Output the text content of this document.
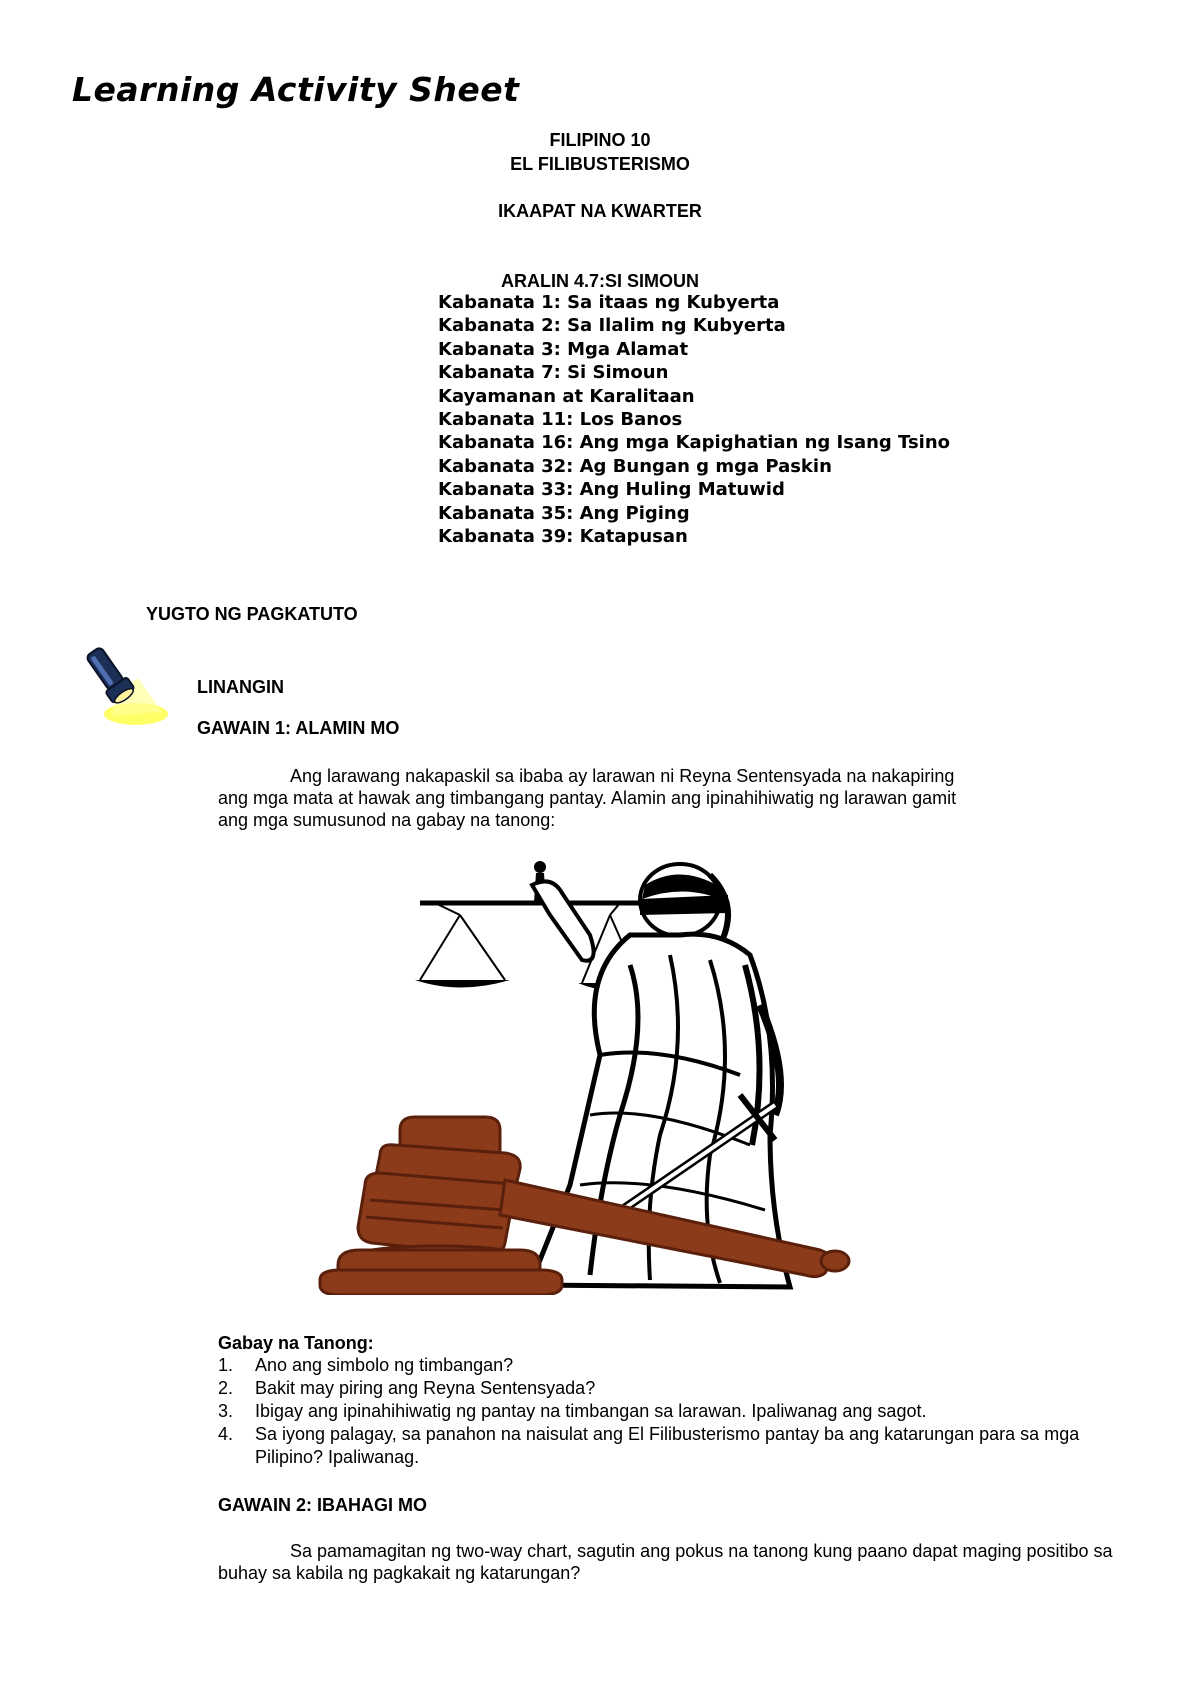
Learning Activity Sheet
FILIPINO 10
EL FILIBUSTERISMO
IKAAPAT NA KWARTER
ARALIN 4.7:SI SIMOUN
Kabanata 1: Sa itaas ng Kubyerta
Kabanata 2: Sa Ilalim ng Kubyerta
Kabanata 3: Mga Alamat
Kabanata 7: Si Simoun
Kayamanan at Karalitaan
Kabanata 11: Los Banos
Kabanata 16: Ang mga Kapighatian ng Isang Tsino
Kabanata 32: Ag Bungan g mga Paskin
Kabanata 33: Ang Huling Matuwid
Kabanata 35: Ang Piging
Kabanata 39: Katapusan
YUGTO NG PAGKATUTO
LINANGIN
GAWAIN 1: ALAMIN MO
Ang larawang nakapaskil sa ibaba ay larawan ni Reyna Sentensyada na nakapiring ang mga mata at hawak ang timbangang pantay. Alamin ang ipinahihiwatig ng larawan gamit ang mga sumusunod na gabay na tanong:
Gabay na Tanong:
1.	Ano ang simbolo ng timbangan?
2.	Bakit may piring ang Reyna Sentensyada?
3.	Ibigay ang ipinahihiwatig ng pantay na timbangan sa larawan. Ipaliwanag ang sagot.
4.	Sa iyong palagay, sa panahon na naisulat ang El Filibusterismo pantay ba ang katarungan para sa mga Pilipino? Ipaliwanag.
GAWAIN 2: IBAHAGI MO
Sa pamamagitan ng two-way chart, sagutin ang pokus na tanong kung paano dapat maging positibo sa buhay sa kabila ng pagkakait ng katarungan?
